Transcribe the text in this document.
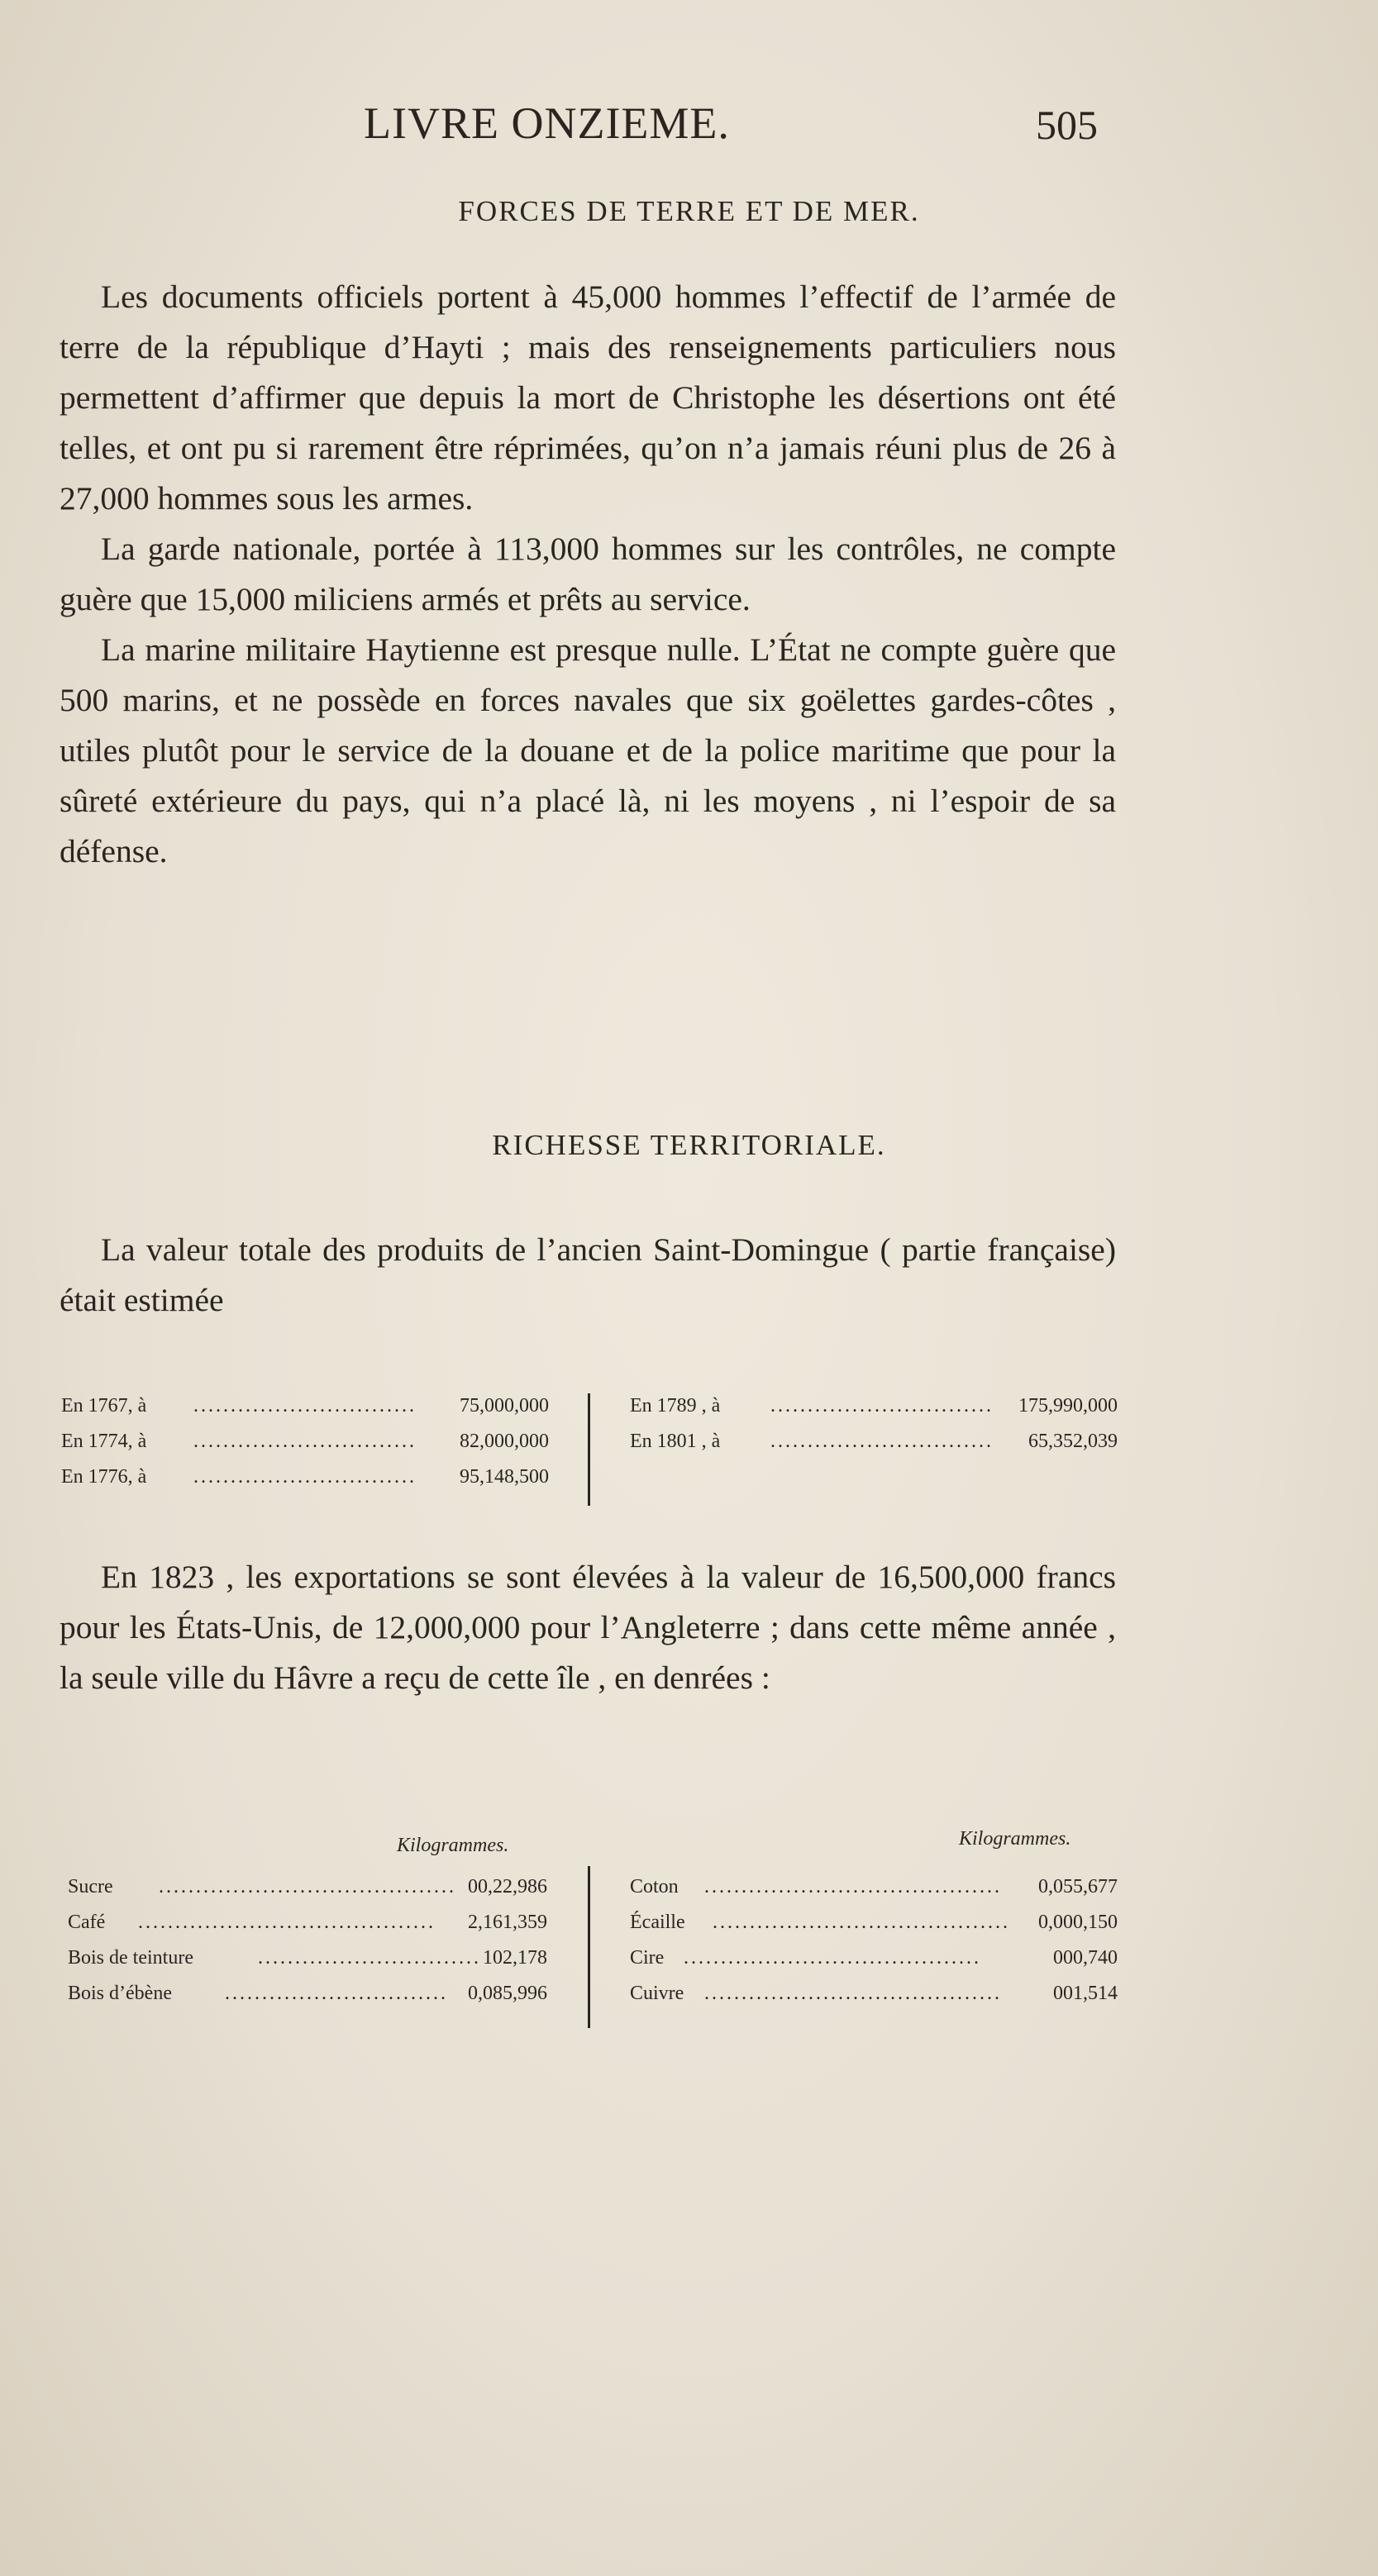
LIVRE ONZIEME.	505
FORCES DE TERRE ET DE MER.

Les documents officiels portent à 45,000 hommes l’effectif de l’armée de terre de la république d’Hayti ; mais des renseignements particuliers nous permettent d’affirmer que depuis la mort de Christophe les désertions ont été telles, et ont pu si rarement être réprimées, qu’on n’a jamais réuni plus de 26 à 27,000 hommes sous les armes.

La garde nationale, portée à 113,000 hommes sur les contrôles, ne compte guère que 15,000 miliciens armés et prêts au service.

La marine militaire Haytienne est presque nulle. L’État ne compte guère que 500 marins, et ne possède en forces navales que six goëlettes gardes-côtes , utiles plutôt pour le service de la douane et de la police maritime que pour la sûreté extérieure du pays, qui n’a placé là, ni les moyens , ni l’espoir de sa défense.

RICHESSE TERRITORIALE.

La valeur totale des produits de l’ancien Saint-Domingue ( partie française) était estimée

En 1767, à ..............................	75,000,000
En 1774, à ..............................	82,000,000
En 1776, à ..............................	95,148,500
En 1789 , à	.............................. 175,990,000
En 1801 , à	.............................. 65,352,039

En 1823 , les exportations se sont élevées à la valeur de 16,500,000 francs pour les États-Unis, de 12,000,000 pour l’Angleterre ; dans cette même année , la seule ville du Hâvre a reçu de cette île , en denrées :

Kilogrammes.	Kilogrammes.
Sucre ........................................ 00,22,986
Café ........................................	2,161,359
Bois de teinture	.............................. 102,178
Bois d’ébène	.............................. 0,085,996
Coton ........................................ 0,055,677
Écaille ........................................ 0,000,150
Cire ........................................	000,740
Cuivre ........................................	001,514
